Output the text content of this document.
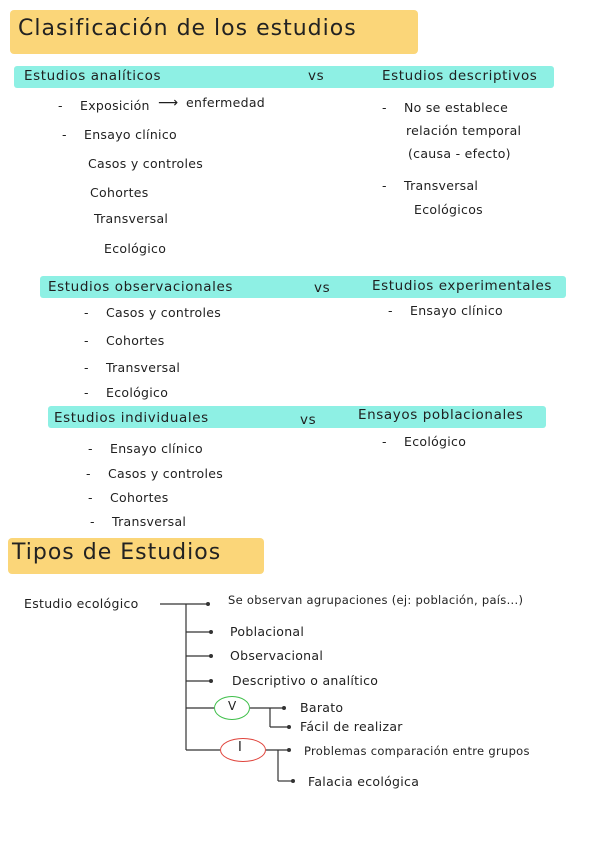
Clasificación de los estudios
Estudios analíticos	vs	Estudios descriptivos
- Exposición ⟶ enfermedad
- Ensayo clínico
Casos y controles
Cohortes
Transversal
Ecológico
- No se establece
relación temporal
(causa - efecto)
- Transversal
Ecológicos
Estudios observacionales	vs	Estudios experimentales
- Casos y controles
- Cohortes
- Transversal
- Ecológico
- Ensayo clínico
Estudios individuales	vs	Ensayos poblacionales
- Ensayo clínico
- Casos y controles
- Cohortes
- Transversal
- Ecológico
Tipos de Estudios
Estudio ecológico	Se observan agrupaciones (ej: población, país...)
Poblacional
Observacional
Descriptivo o analítico
V	Barato
Fácil de realizar
I	Problemas comparación entre grupos
Falacia ecológica
